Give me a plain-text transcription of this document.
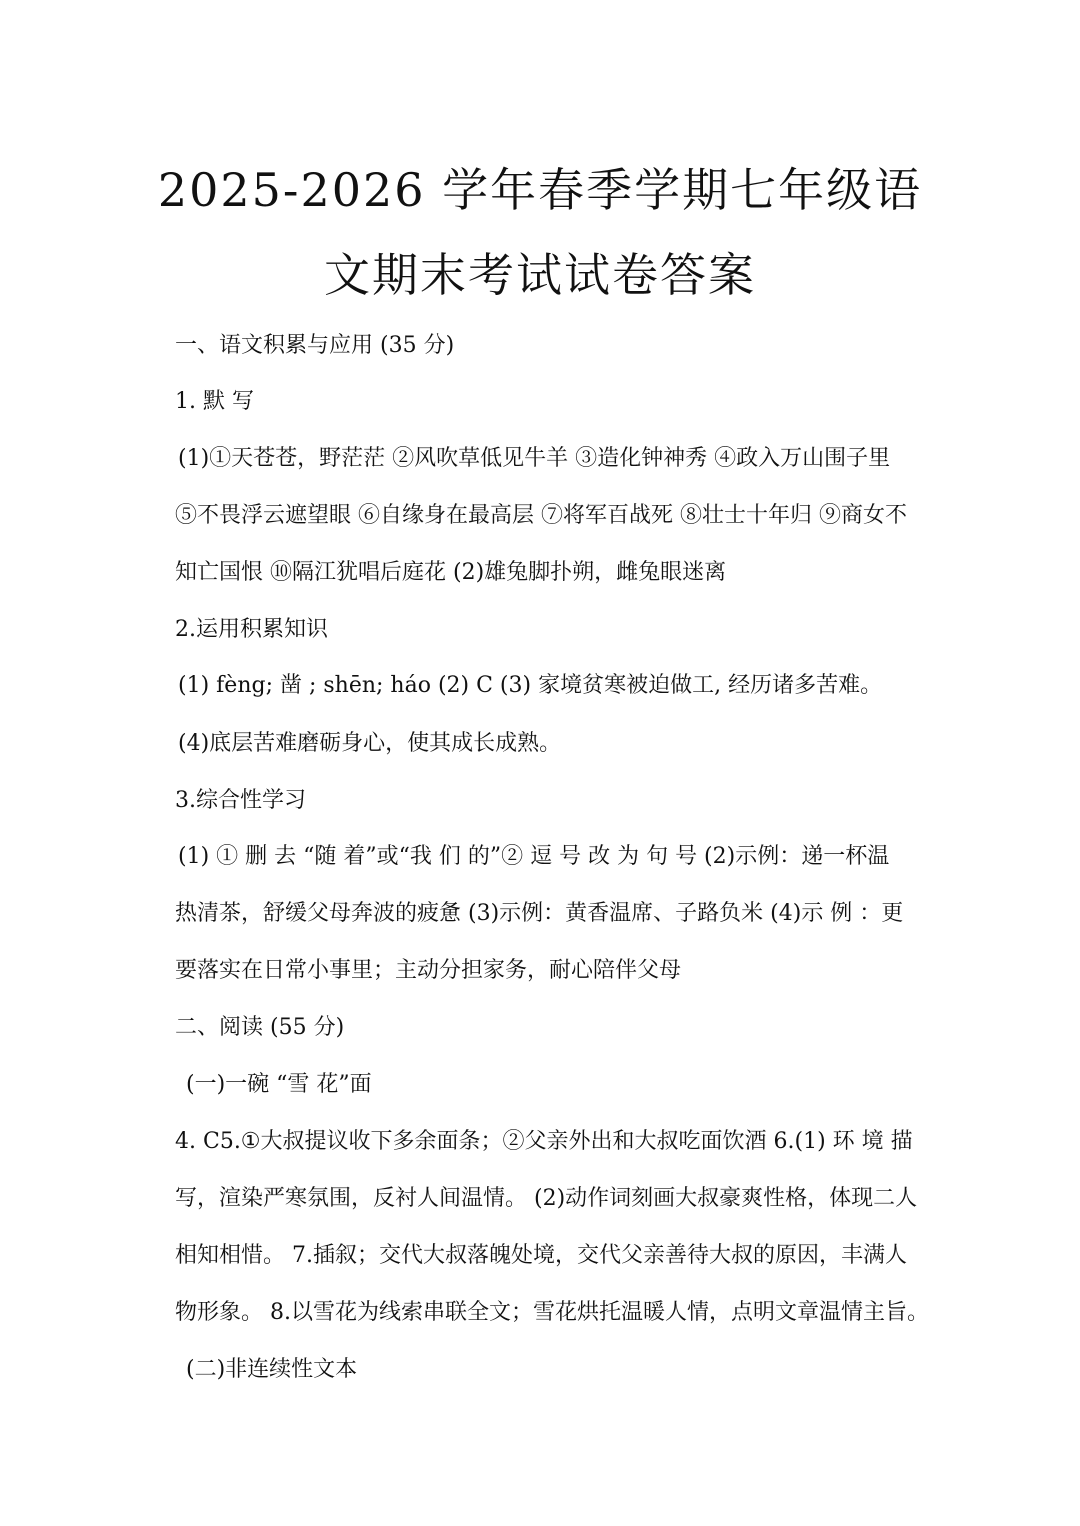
2025-2026 学年春季学期七年级语
文期末考试试卷答案
一、语文积累与应用 (35 分)
1. 默 写
(1)①天苍苍，野茫茫 ②风吹草低见牛羊 ③造化钟神秀 ④政入万山围子里
⑤不畏浮云遮望眼 ⑥自缘身在最高层 ⑦将军百战死 ⑧壮士十年归 ⑨商女不
知亡国恨 ⑩隔江犹唱后庭花 (2)雄兔脚扑朔，雌兔眼迷离
2.运用积累知识
(1) fèng; 凿 ; shēn; háo (2) C (3) 家境贫寒被迫做工, 经历诸多苦难。
(4)底层苦难磨砺身心，使其成长成熟。
3.综合性学习
(1) ① 删 去 “随 着”或“我 们 的”② 逗 号 改 为 句 号 (2)示例：递一杯温
热清茶，舒缓父母奔波的疲惫 (3)示例：黄香温席、子路负米 (4)示 例 ：更
要落实在日常小事里；主动分担家务，耐心陪伴父母
二、阅读 (55 分)
(一)一碗 “雪 花”面
4. C5.①大叔提议收下多余面条；②父亲外出和大叔吃面饮酒 6.(1) 环 境 描
写，渲染严寒氛围，反衬人间温情。 (2)动作词刻画大叔豪爽性格，体现二人
相知相惜。 7.插叙；交代大叔落魄处境，交代父亲善待大叔的原因，丰满人
物形象。 8.以雪花为线索串联全文；雪花烘托温暖人情，点明文章温情主旨。
(二)非连续性文本
